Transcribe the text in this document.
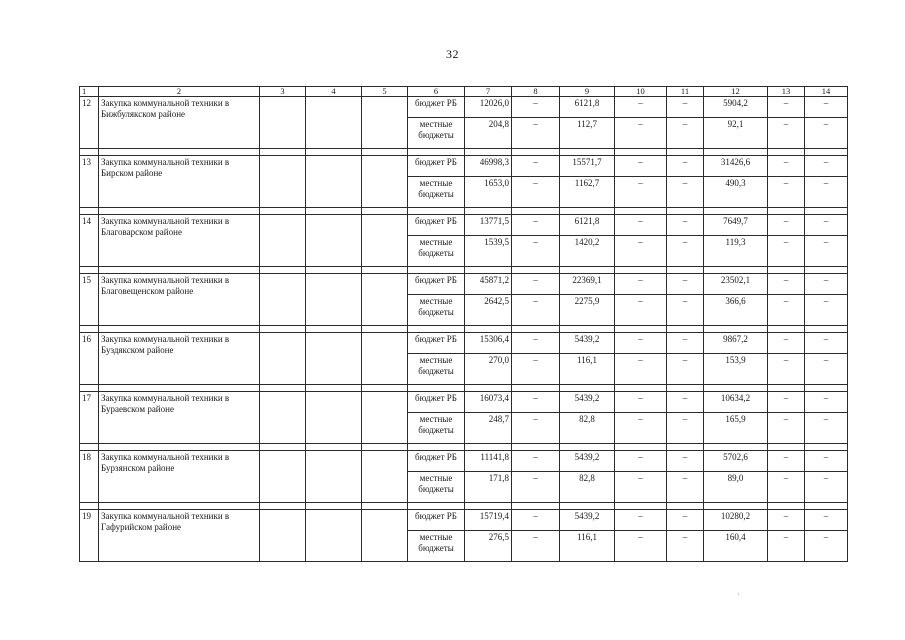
32
1	2	3	4	5	6	7	8	9	10	11	12	13	14
12	Закупка коммунальной техники в Бижбулякском районе				бюджет РБ	12026,0	–	6121,8	–	–	5904,2	–	–
					местные бюджеты	204,8	–	112,7	–	–	92,1	–	–

13	Закупка коммунальной техники в Бирском районе				бюджет РБ	46998,3	–	15571,7	–	–	31426,6	–	–
					местные бюджеты	1653,0	–	1162,7	–	–	490,3	–	–

14	Закупка коммунальной техники в Благоварском районе				бюджет РБ	13771,5	–	6121,8	–	–	7649,7	–	–
					местные бюджеты	1539,5	–	1420,2	–	–	119,3	–	–

15	Закупка коммунальной техники в Благовещенском районе				бюджет РБ	45871,2	–	22369,1	–	–	23502,1	–	–
					местные бюджеты	2642,5	–	2275,9	–	–	366,6	–	–

16	Закупка коммунальной техники в Буздякском районе				бюджет РБ	15306,4	–	5439,2	–	–	9867,2	–	–
					местные бюджеты	270,0	–	116,1	–	–	153,9	–	–

17	Закупка коммунальной техники в Бураевском районе				бюджет РБ	16073,4	–	5439,2	–	–	10634,2	–	–
					местные бюджеты	248,7	–	82,8	–	–	165,9	–	–

18	Закупка коммунальной техники в Бурзянском районе				бюджет РБ	11141,8	–	5439,2	–	–	5702,6	–	–
					местные бюджеты	171,8	–	82,8	–	–	89,0	–	–

19	Закупка коммунальной техники в Гафурийском районе				бюджет РБ	15719,4	–	5439,2	–	–	10280,2	–	–
					местные бюджеты	276,5	–	116,1	–	–	160,4	–	–
·
